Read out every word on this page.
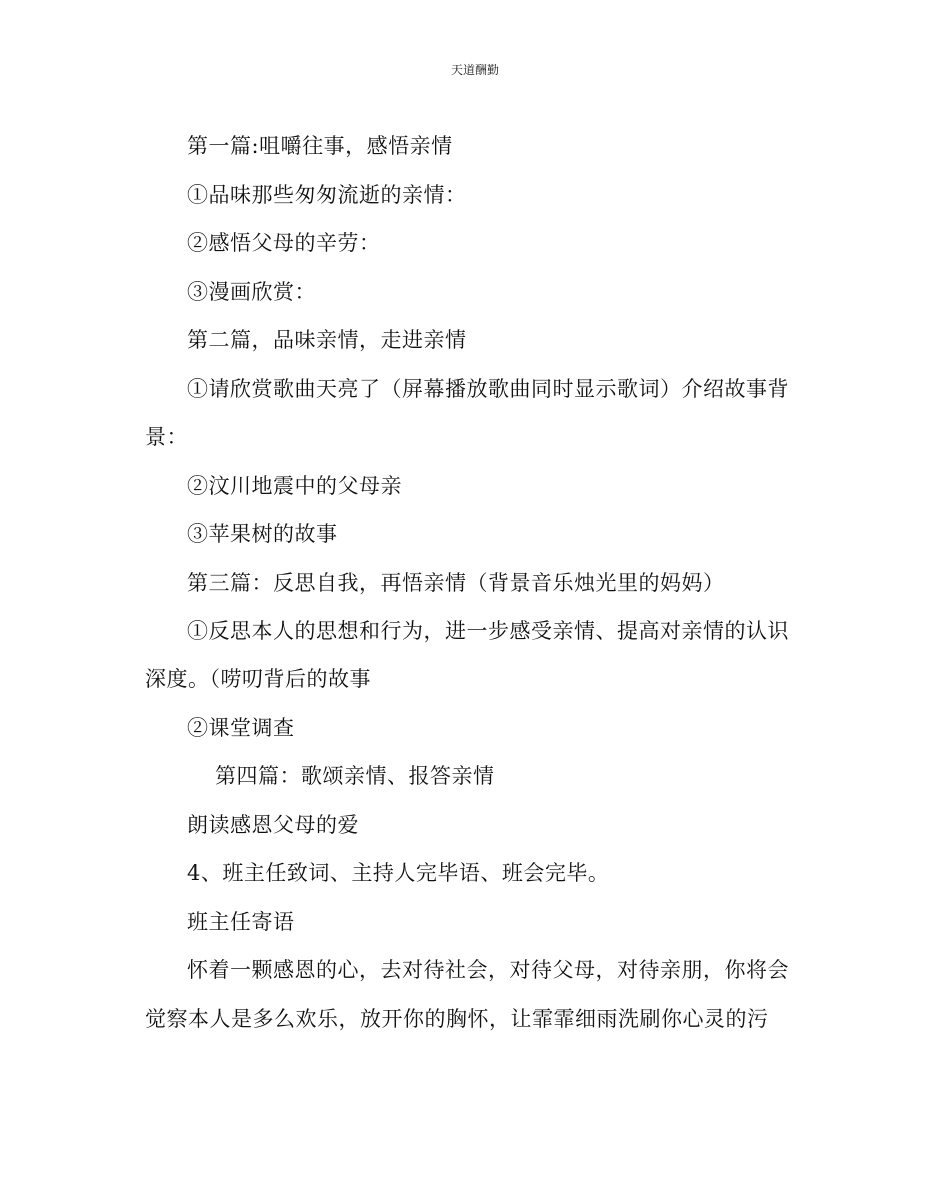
天道酬勤
第一篇:咀嚼往事，感悟亲情
①品味那些匆匆流逝的亲情：
②感悟父母的辛劳：
③漫画欣赏：
第二篇，品味亲情，走进亲情
①请欣赏歌曲天亮了（屏幕播放歌曲同时显示歌词）介绍故事背
景：
②汶川地震中的父母亲
③苹果树的故事
第三篇：反思自我，再悟亲情（背景音乐烛光里的妈妈）
①反思本人的思想和行为，进一步感受亲情、提高对亲情的认识
深度。（唠叨背后的故事
②课堂调查
第四篇：歌颂亲情、报答亲情
朗读感恩父母的爱
4、班主任致词、主持人完毕语、班会完毕。
班主任寄语
怀着一颗感恩的心，去对待社会，对待父母，对待亲朋，你将会
觉察本人是多么欢乐，放开你的胸怀，让霏霏细雨洗刷你心灵的污
